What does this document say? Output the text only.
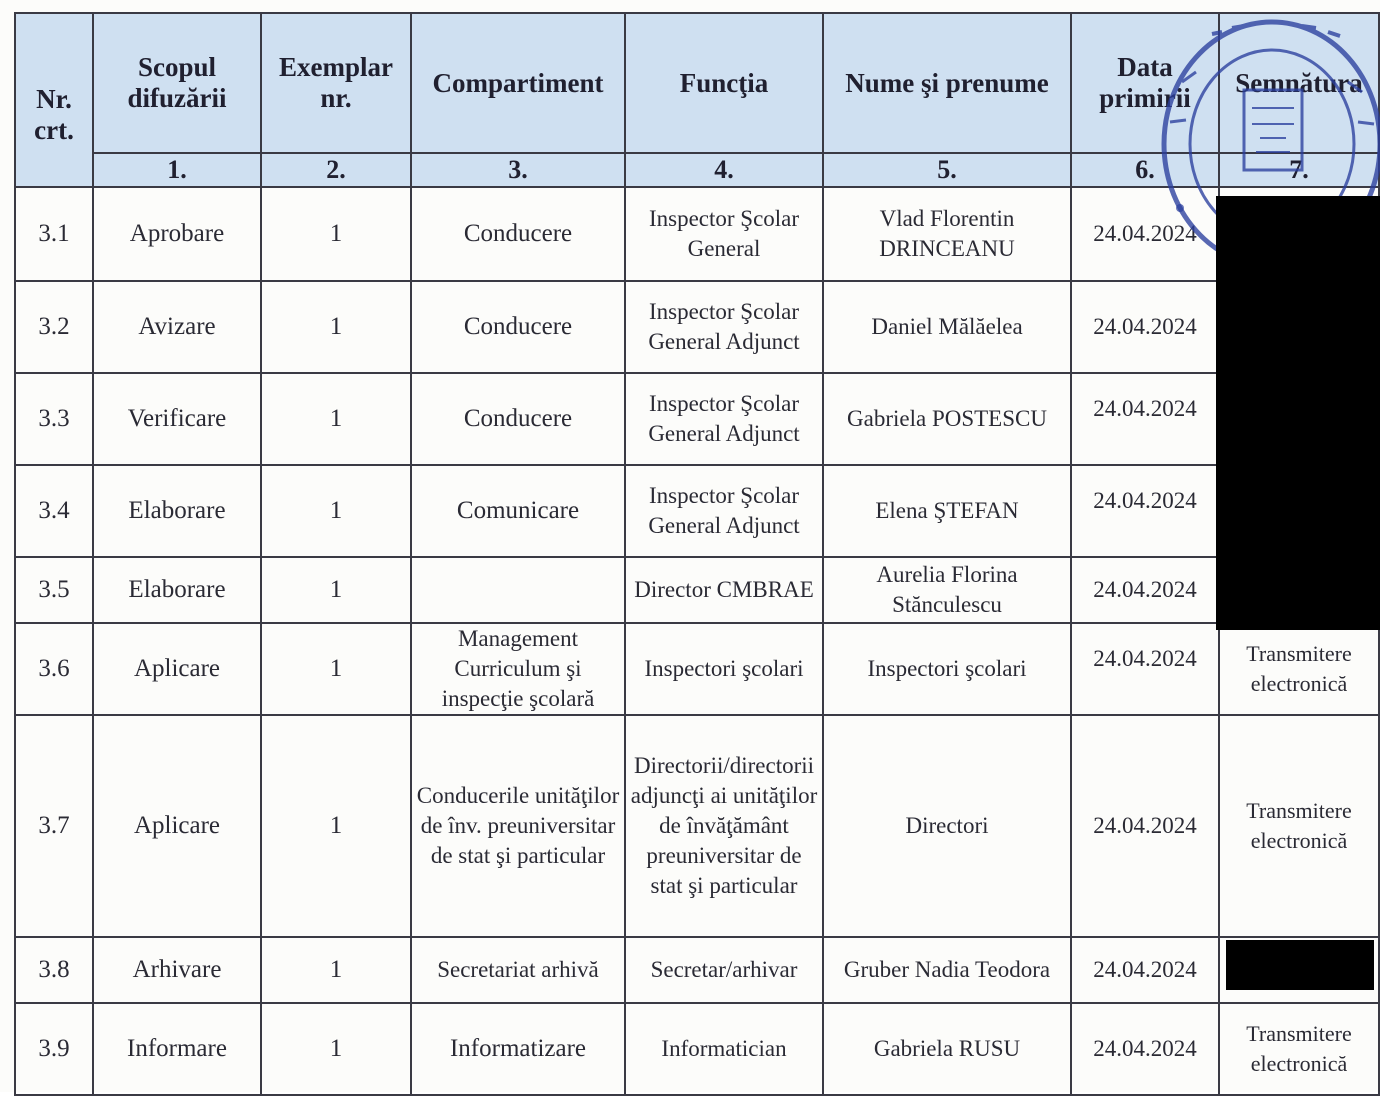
Nr. crt.	Scopul difuzării	Exemplar nr.	Compartiment	Funcţia	Nume şi prenume	Data primirii	Semnătura
	1.	2.	3.	4.	5.	6.	7.
3.1	Aprobare	1	Conducere	Inspector Şcolar General	Vlad Florentin DRINCEANU	24.04.2024	
3.2	Avizare	1	Conducere	Inspector Şcolar General Adjunct	Daniel Mălăelea	24.04.2024	
3.3	Verificare	1	Conducere	Inspector Şcolar General Adjunct	Gabriela POSTESCU	24.04.2024	
3.4	Elaborare	1	Comunicare	Inspector Şcolar General Adjunct	Elena ŞTEFAN	24.04.2024	
3.5	Elaborare	1		Director CMBRAE	Aurelia Florina Stănculescu	24.04.2024	
3.6	Aplicare	1	Management Curriculum şi inspecţie şcolară	Inspectori şcolari	Inspectori şcolari	24.04.2024	Transmitere electronică
3.7	Aplicare	1	Conducerile unităţilor de înv. preuniversitar de stat şi particular	Directorii/directorii adjuncţi ai unităţilor de învăţământ preuniversitar de stat şi particular	Directori	24.04.2024	Transmitere electronică
3.8	Arhivare	1	Secretariat arhivă	Secretar/arhivar	Gruber Nadia Teodora	24.04.2024	
3.9	Informare	1	Informatizare	Informatician	Gabriela RUSU	24.04.2024	Transmitere electronică
